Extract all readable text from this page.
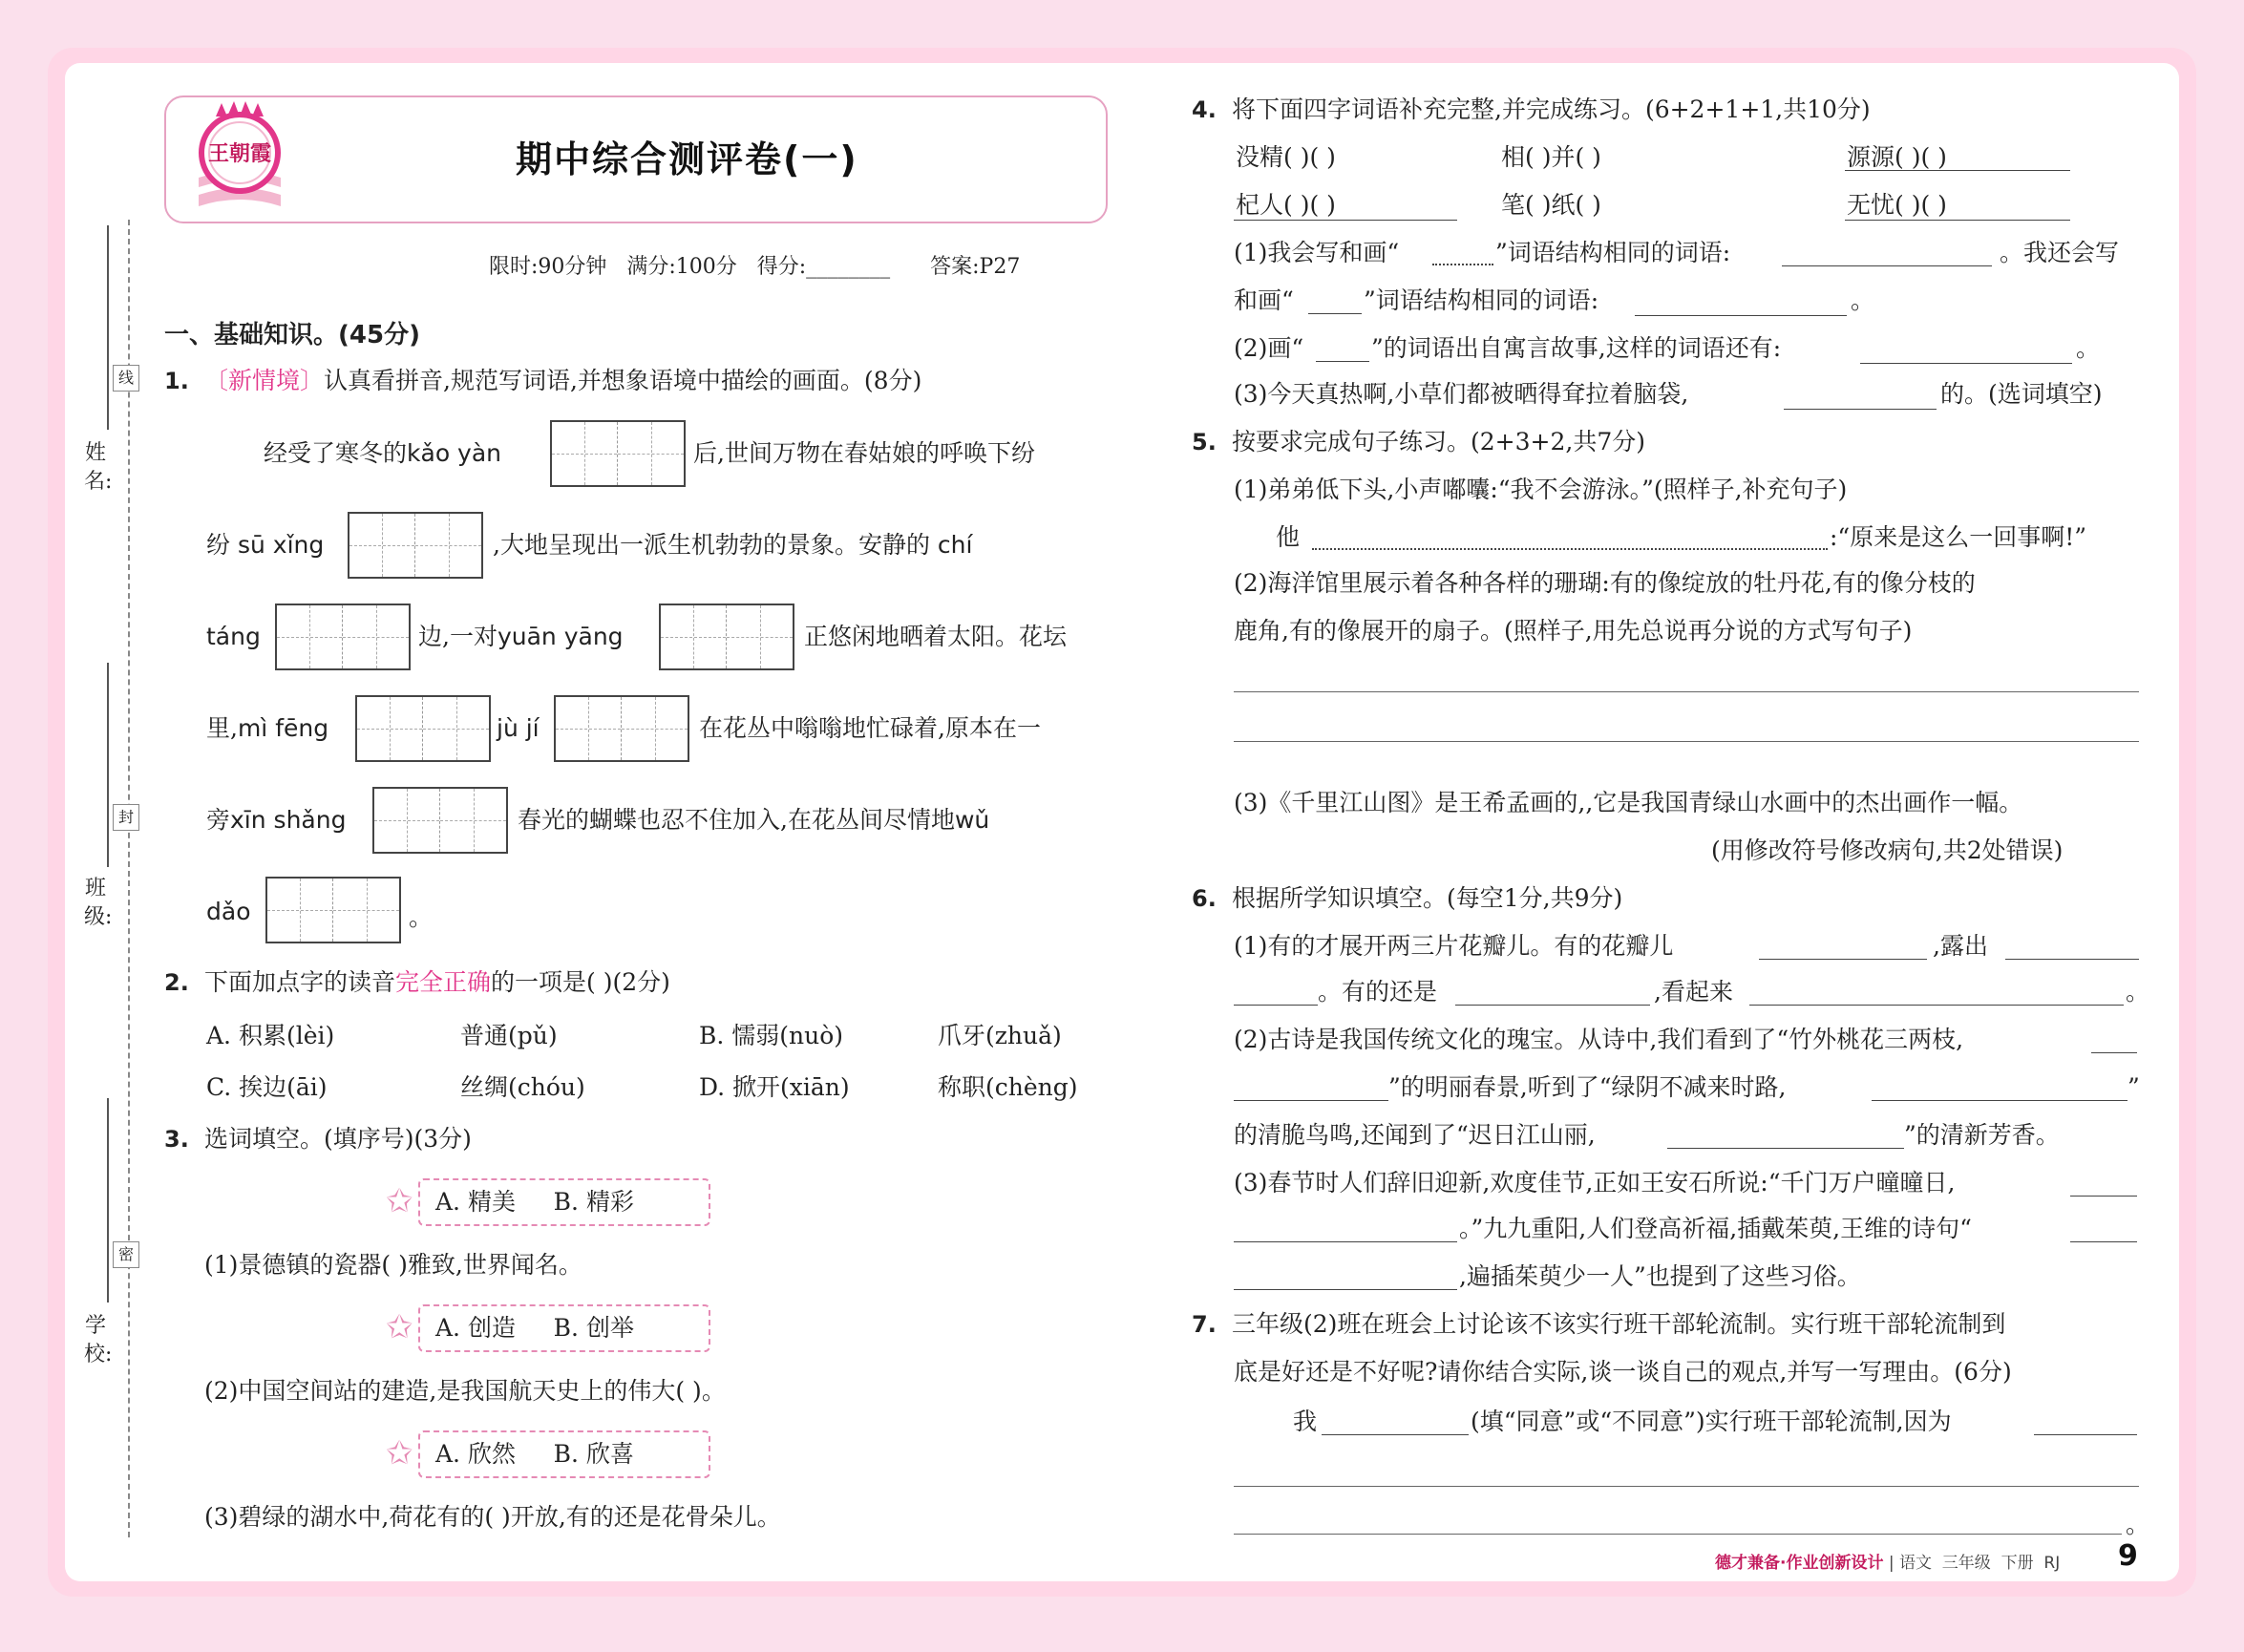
姓 名:
班 级:
学 校:
线
封
密
王朝霞	期中综合测评卷(一)
限时:90分钟   满分:100分   得分:________      答案:P27
一、基础知识。(45分)
1. 〔新情境〕认真看拼音,规范写词语,并想象语境中描绘的画面。(8分)
经受了寒冬的kǎo yàn	后,世间万物在春姑娘的呼唤下纷
纷 sū xǐng	,大地呈现出一派生机勃勃的景象。安静的 chí
táng	边,一对yuān yāng	正悠闲地晒着太阳。花坛
里,mì fēng	jù jí	在花丛中嗡嗡地忙碌着,原本在一
旁xīn shǎng	春光的蝴蝶也忍不住加入,在花丛间尽情地wǔ
dǎo	。
2. 下面加点字的读音完全正确的一项是( )(2分)
A. 积累(lèi)	普通(pǔ)	B. 懦弱(nuò)	爪牙(zhuǎ)
C. 挨边(āi)	丝绸(chóu)	D. 掀开(xiān)	称职(chèng)
3. 选词填空。(填序号)(3分)
✩ A. 精美     B. 精彩
(1)景德镇的瓷器( )雅致,世界闻名。
✩ A. 创造     B. 创举
(2)中国空间站的建造,是我国航天史上的伟大( )。
✩ A. 欣然     B. 欣喜
(3)碧绿的湖水中,荷花有的( )开放,有的还是花骨朵儿。
4. 将下面四字词语补充完整,并完成练习。(6+2+1+1,共10分)
没精( )( )	相( )并( )	源源( )( )
杞人( )( )	笔( )纸( )	无忧( )( )
(1)我会写和画“	”词语结构相同的词语:	。我还会写
和画“	”词语结构相同的词语:	。
(2)画“	”的词语出自寓言故事,这样的词语还有:	。
(3)今天真热啊,小草们都被晒得耷拉着脑袋,	的。(选词填空)
5. 按要求完成句子练习。(2+3+2,共7分)
(1)弟弟低下头,小声嘟囔:“我不会游泳。”(照样子,补充句子)
他	:“原来是这么一回事啊!”
(2)海洋馆里展示着各种各样的珊瑚:有的像绽放的牡丹花,有的像分枝的
鹿角,有的像展开的扇子。(照样子,用先总说再分说的方式写句子)
(3)《千里江山图》是王希孟画的,,它是我国青绿山水画中的杰出画作一幅。
(用修改符号修改病句,共2处错误)
6. 根据所学知识填空。(每空1分,共9分)
(1)有的才展开两三片花瓣儿。有的花瓣儿	,露出
。有的还是	,看起来	。
(2)古诗是我国传统文化的瑰宝。从诗中,我们看到了“竹外桃花三两枝,
”的明丽春景,听到了“绿阴不减来时路,	”
的清脆鸟鸣,还闻到了“迟日江山丽,	”的清新芳香。
(3)春节时人们辞旧迎新,欢度佳节,正如王安石所说:“千门万户曈曈日,
。”九九重阳,人们登高祈福,插戴茱萸,王维的诗句“
,遍插茱萸少一人”也提到了这些习俗。
7. 三年级(2)班在班会上讨论该不该实行班干部轮流制。实行班干部轮流制到
底是好还是不好呢?请你结合实际,谈一谈自己的观点,并写一写理由。(6分)
我	(填“同意”或“不同意”)实行班干部轮流制,因为
。
德才兼备·作业创新设计 | 语文  三年级  下册  RJ 9
